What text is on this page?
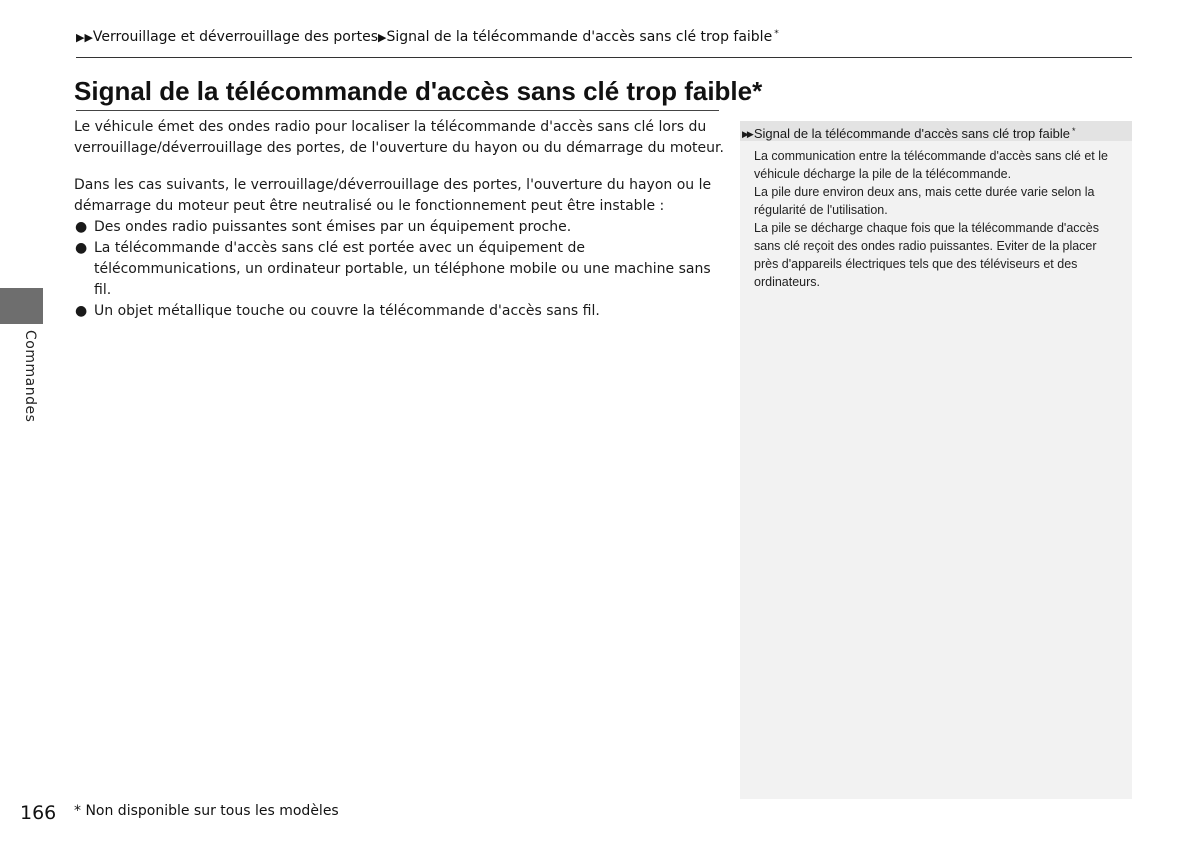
▶▶Verrouillage et déverrouillage des portes▶Signal de la télécommande d'accès sans clé trop faible *
Signal de la télécommande d'accès sans clé trop faible*

Le véhicule émet des ondes radio pour localiser la télécommande d'accès sans clé lors du verrouillage/déverrouillage des portes, de l'ouverture du hayon ou du démarrage du moteur.

Dans les cas suivants, le verrouillage/déverrouillage des portes, l'ouverture du hayon ou le démarrage du moteur peut être neutralisé ou le fonctionnement peut être instable :

● Des ondes radio puissantes sont émises par un équipement proche.
● La télécommande d'accès sans clé est portée avec un équipement de télécommunications, un ordinateur portable, un téléphone mobile ou une machine sans fil.
● Un objet métallique touche ou couvre la télécommande d'accès sans fil.
Commandes
▶▶ Signal de la télécommande d'accès sans clé trop faible *

La communication entre la télécommande d'accès sans clé et le véhicule décharge la pile de la télécommande.

La pile dure environ deux ans, mais cette durée varie selon la régularité de l'utilisation.

La pile se décharge chaque fois que la télécommande d'accès sans clé reçoit des ondes radio puissantes. Eviter de la placer près d'appareils électriques tels que des téléviseurs et des ordinateurs.

166 * Non disponible sur tous les modèles
